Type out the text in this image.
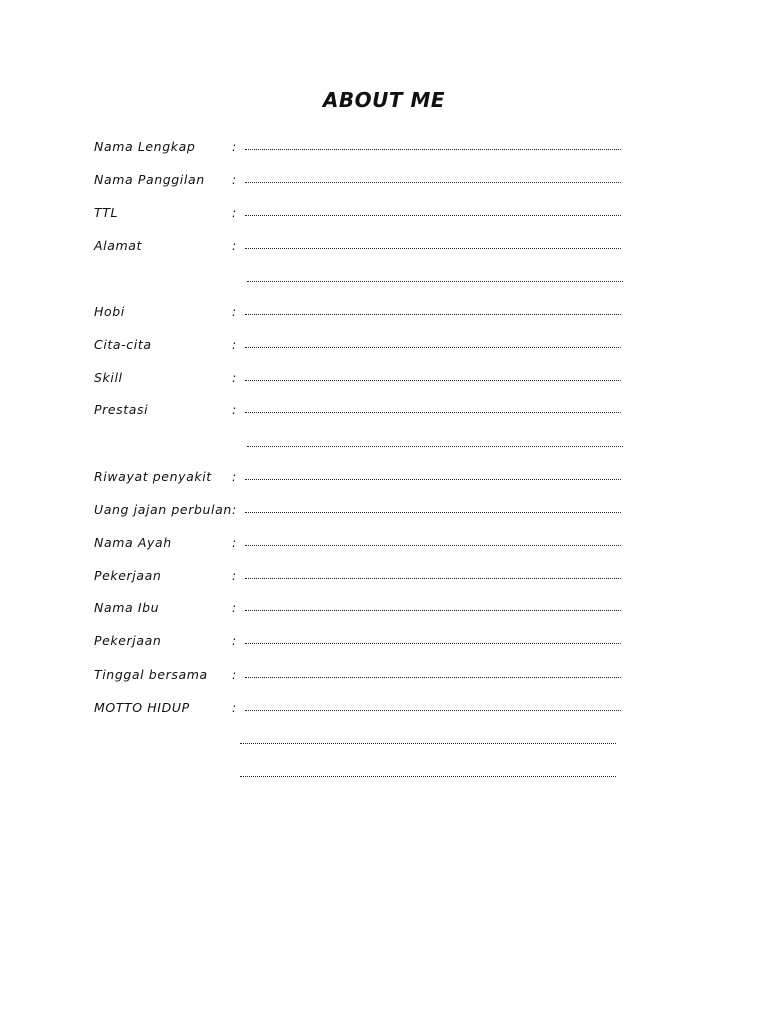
ABOUT ME
Nama Lengkap	:
Nama Panggilan :
TTL	:
Alamat	:
Hobi	:
Cita-cita	:
Skill	:
Prestasi	:
Riwayat penyakit :
Uang jajan perbulan :
Nama Ayah	:
Pekerjaan	:
Nama Ibu	:
Pekerjaan	:
Tinggal bersama :
MOTTO HIDUP	:
